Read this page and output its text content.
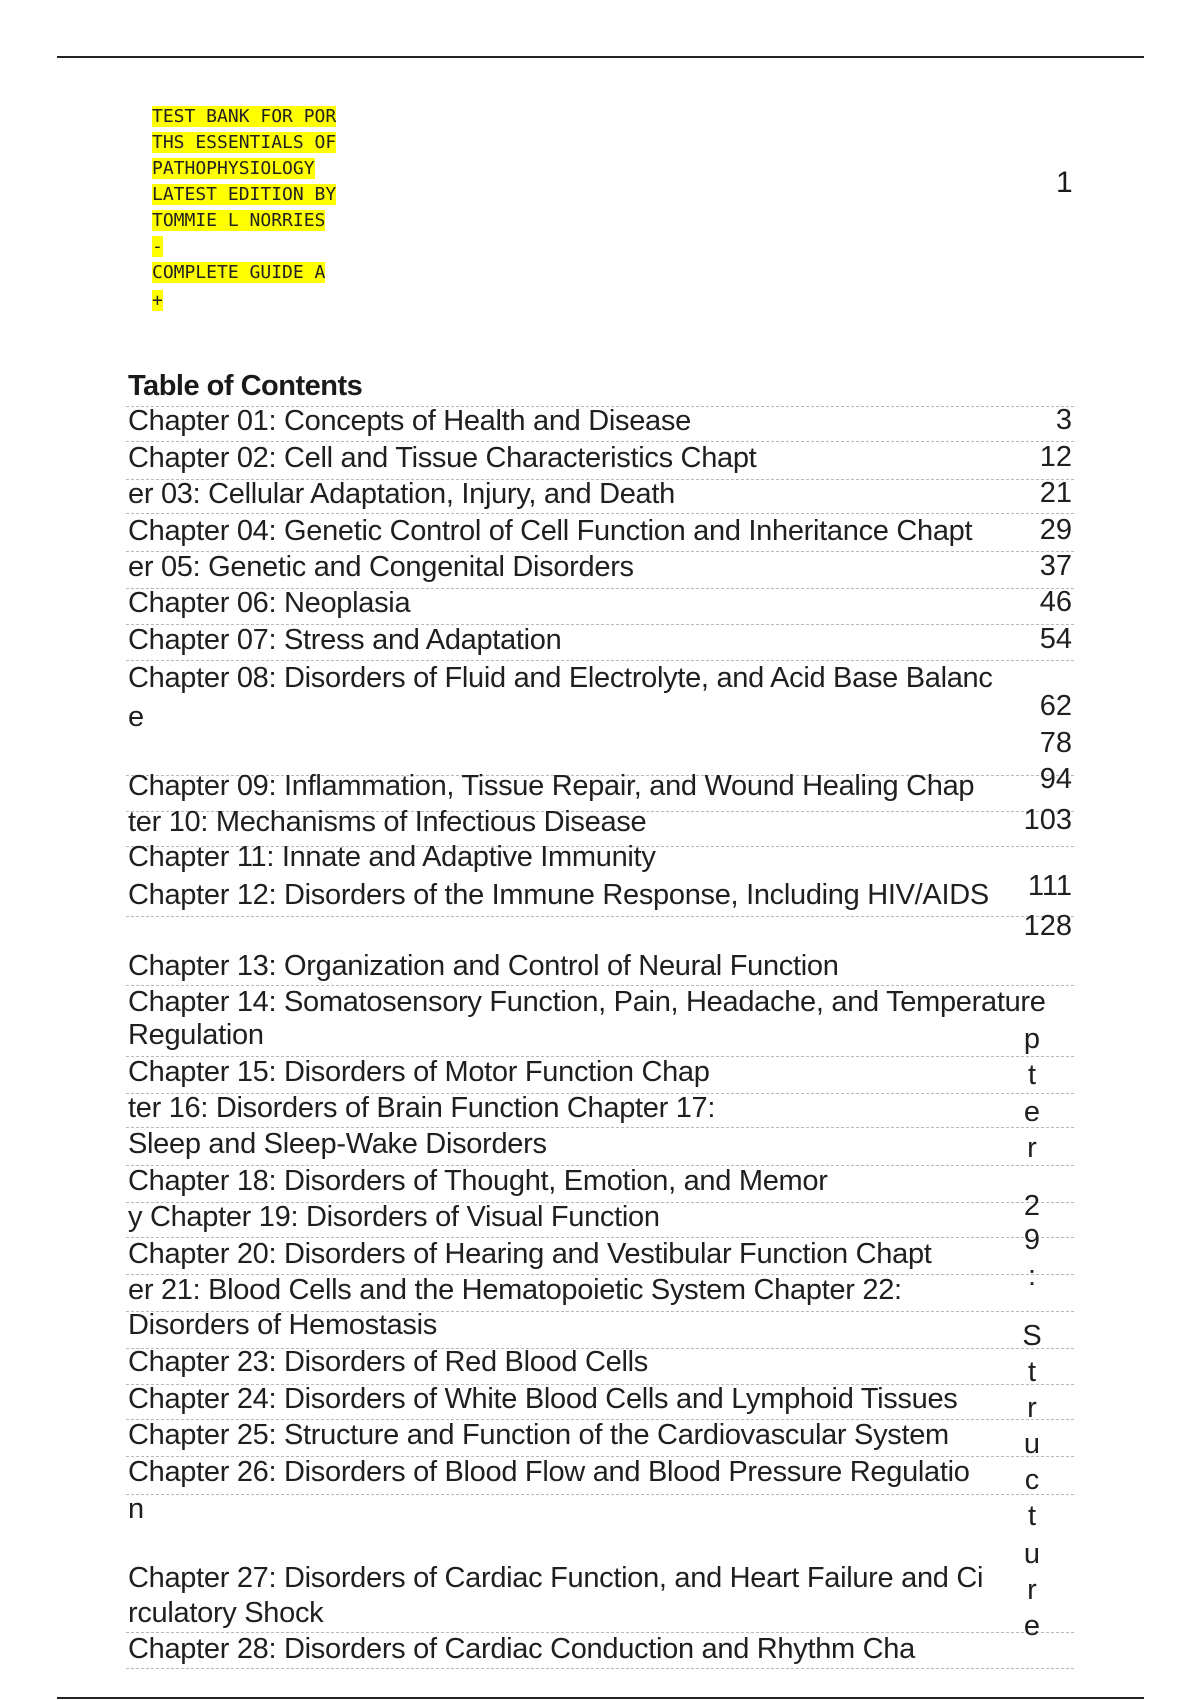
TEST BANK FOR POR
THS ESSENTIALS OF
PATHOPHYSIOLOGY
LATEST EDITION BY
TOMMIE L NORRIES
-
COMPLETE GUIDE A
+
1
Table of Contents
Chapter 01: Concepts of Health and Disease
Chapter 02: Cell and Tissue Characteristics Chapt
er 03: Cellular Adaptation, Injury, and Death
Chapter 04: Genetic Control of Cell Function and Inheritance Chapt
er 05: Genetic and Congenital Disorders
Chapter 06: Neoplasia
Chapter 07: Stress and Adaptation
Chapter 08: Disorders of Fluid and Electrolyte, and Acid Base Balanc
e
Chapter 09: Inflammation, Tissue Repair, and Wound Healing Chap
ter 10: Mechanisms of Infectious Disease
Chapter 11: Innate and Adaptive Immunity
Chapter 12: Disorders of the Immune Response, Including HIV/AIDS
Chapter 13: Organization and Control of Neural Function
Chapter 14: Somatosensory Function, Pain, Headache, and Temperature
Regulation
Chapter 15: Disorders of Motor Function Chap
ter 16: Disorders of Brain Function Chapter 17:
Sleep and Sleep-Wake Disorders
Chapter 18: Disorders of Thought, Emotion, and Memor
y Chapter 19: Disorders of Visual Function
Chapter 20: Disorders of Hearing and Vestibular Function Chapt
er 21: Blood Cells and the Hematopoietic System Chapter 22:
Disorders of Hemostasis
Chapter 23: Disorders of Red Blood Cells
Chapter 24: Disorders of White Blood Cells and Lymphoid Tissues
Chapter 25: Structure and Function of the Cardiovascular System
Chapter 26: Disorders of Blood Flow and Blood Pressure Regulatio
n
Chapter 27: Disorders of Cardiac Function, and Heart Failure and Ci
rculatory Shock
Chapter 28: Disorders of Cardiac Conduction and Rhythm Cha
3
12
21
29
37
46
54
62
78
94
103
111
128
p
t
e
r
2
9
:
S
t
r
u
c
t
u
r
e
